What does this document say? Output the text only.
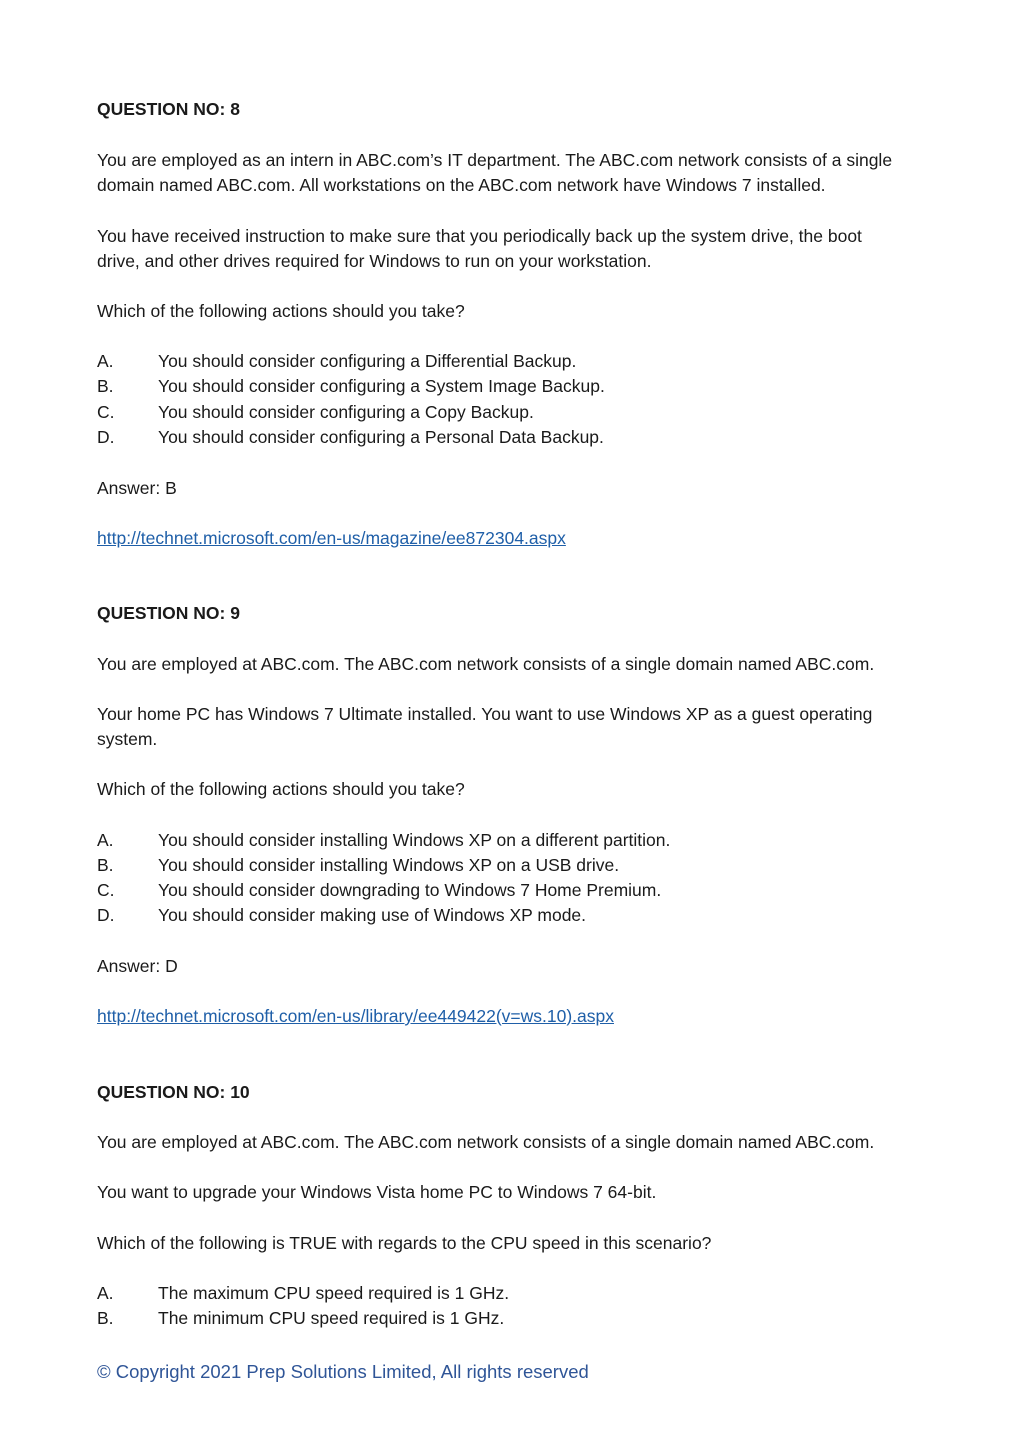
QUESTION NO: 8

You are employed as an intern in ABC.com’s IT department. The ABC.com network consists of a single

domain named ABC.com. All workstations on the ABC.com network have Windows 7 installed.

You have received instruction to make sure that you periodically back up the system drive, the boot

drive, and other drives required for Windows to run on your workstation.

Which of the following actions should you take?

A.	You should consider configuring a Differential Backup.

B.	You should consider configuring a System Image Backup.

C. You should consider configuring a Copy Backup.

D. You should consider configuring a Personal Data Backup.

Answer: B

http://technet.microsoft.com/en-us/magazine/ee872304.aspx

QUESTION NO: 9

You are employed at ABC.com. The ABC.com network consists of a single domain named ABC.com.

Your home PC has Windows 7 Ultimate installed. You want to use Windows XP as a guest operating

system.

Which of the following actions should you take?

A.	You should consider installing Windows XP on a different partition.

B.	You should consider installing Windows XP on a USB drive.

C. You should consider downgrading to Windows 7 Home Premium.

D. You should consider making use of Windows XP mode.

Answer: D

http://technet.microsoft.com/en-us/library/ee449422(v=ws.10).aspx

QUESTION NO: 10

You are employed at ABC.com. The ABC.com network consists of a single domain named ABC.com.

You want to upgrade your Windows Vista home PC to Windows 7 64-bit.

Which of the following is TRUE with regards to the CPU speed in this scenario?

A.	The maximum CPU speed required is 1 GHz.

B.	The minimum CPU speed required is 1 GHz.

© Copyright 2021 Prep Solutions Limited, All rights reserved
